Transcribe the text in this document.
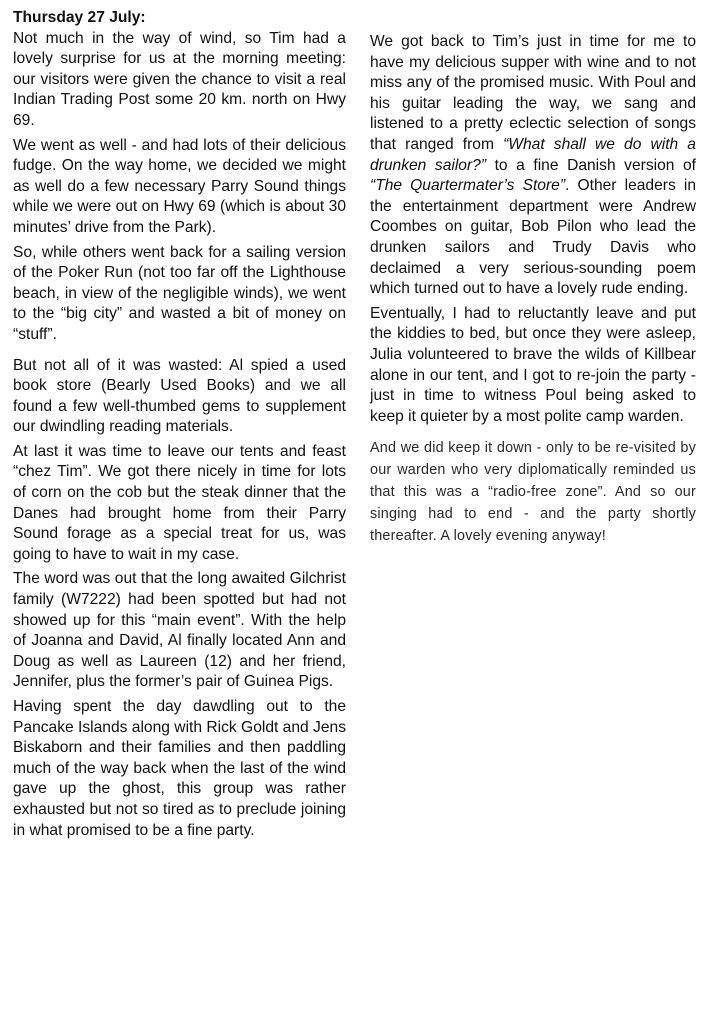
Thursday 27 July:

Not much in the way of wind, so Tim had a lovely surprise for us at the morning meeting: our visitors were given the chance to visit a real Indian Trading Post some 20 km. north on Hwy 69.

We went as well - and had lots of their delicious fudge. On the way home, we decided we might as well do a few necessary Parry Sound things while we were out on Hwy 69 (which is about 30 minutes’ drive from the Park).

So, while others went back for a sailing version of the Poker Run (not too far off the Lighthouse beach, in view of the negligible winds), we went to the “big city” and wasted a bit of money on “stuff”.

But not all of it was wasted: Al spied a used book store (Bearly Used Books) and we all found a few well-thumbed gems to supplement our dwindling reading materials.

At last it was time to leave our tents and feast “chez Tim”. We got there nicely in time for lots of corn on the cob but the steak dinner that the Danes had brought home from their Parry Sound forage as a special treat for us, was going to have to wait in my case.

The word was out that the long awaited Gilchrist family (W7222) had been spotted but had not showed up for this “main event”. With the help of Joanna and David, Al finally located Ann and Doug as well as Laureen (12) and her friend, Jennifer, plus the former’s pair of Guinea Pigs.

Having spent the day dawdling out to the Pancake Islands along with Rick Goldt and Jens Biskaborn and their families and then paddling much of the way back when the last of the wind gave up the ghost, this group was rather exhausted but not so tired as to preclude joining in what promised to be a fine party.

We got back to Tim’s just in time for me to have my delicious supper with wine and to not miss any of the promised music. With Poul and his guitar leading the way, we sang and listened to a pretty eclectic selection of songs that ranged from “What shall we do with a drunken sailor?” to a fine Danish version of “The Quartermater’s Store”. Other leaders in the entertainment department were Andrew Coombes on guitar, Bob Pilon who lead the drunken sailors and Trudy Davis who declaimed a very serious-sounding poem which turned out to have a lovely rude ending.

Eventually, I had to reluctantly leave and put the kiddies to bed, but once they were asleep, Julia volunteered to brave the wilds of Killbear alone in our tent, and I got to re-join the party - just in time to witness Poul being asked to keep it quieter by a most polite camp warden.

And we did keep it down - only to be re-visited by our warden who very diplomatically reminded us that this was a “radio-free zone”. And so our singing had to end - and the party shortly thereafter. A lovely evening anyway!
